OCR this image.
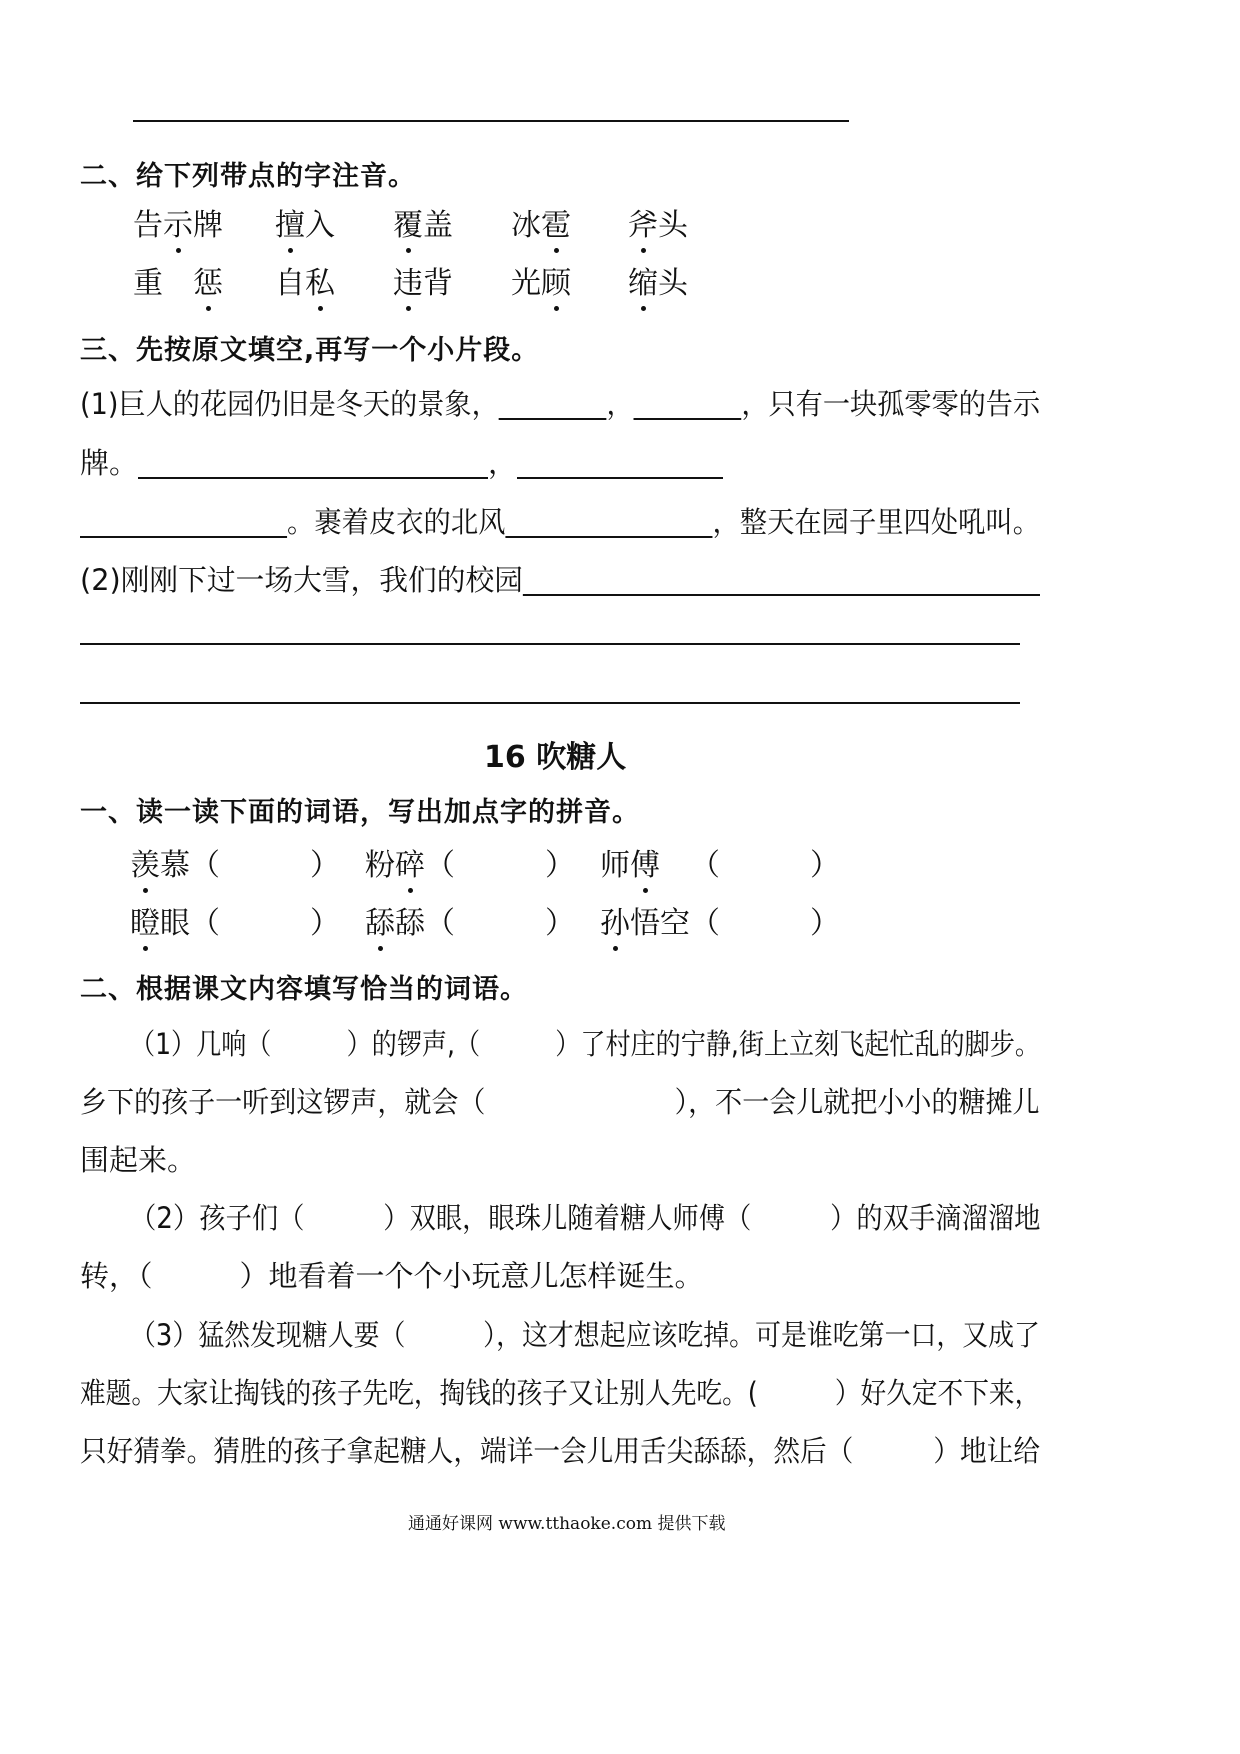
二、给下列带点的字注音。
告示牌 擅入 覆盖 冰雹 斧头
重　惩 自私 违背 光顾 缩头
三、先按原文填空,再写一个小片段。
(1)巨人的花园仍旧是冬天的景象，	，	，只有一块孤零零的告示
牌。	，
。裹着皮衣的北风	，整天在园子里四处吼叫。
(2)刚刚下过一场大雪，我们的校园
16 吹糖人
一、读一读下面的词语，写出加点字的拼音。
羡慕（　　　） 粉碎（　　　） 师傅 （　　　）
瞪眼（　　　） 舔舔（　　　） 孙悟空（　　　）
二、根据课文内容填写恰当的词语。
（1）几响（　　　）的锣声,（　　　）了村庄的宁静,街上立刻飞起忙乱的脚步。
乡下的孩子一听到这锣声，就会（　　　　　　　），不一会儿就把小小的糖摊儿
围起来。
（2）孩子们（　　　）双眼，眼珠儿随着糖人师傅（　　　）的双手滴溜溜地
转，（　　　）地看着一个个小玩意儿怎样诞生。
（3）猛然发现糖人要（　　　），这才想起应该吃掉。可是谁吃第一口，又成了
难题。大家让掏钱的孩子先吃，掏钱的孩子又让别人先吃。(　　　）好久定不下来，
只好猜拳。猜胜的孩子拿起糖人，端详一会儿用舌尖舔舔，然后（　　　）地让给
通通好课网 www.tthaoke.com 提供下载
